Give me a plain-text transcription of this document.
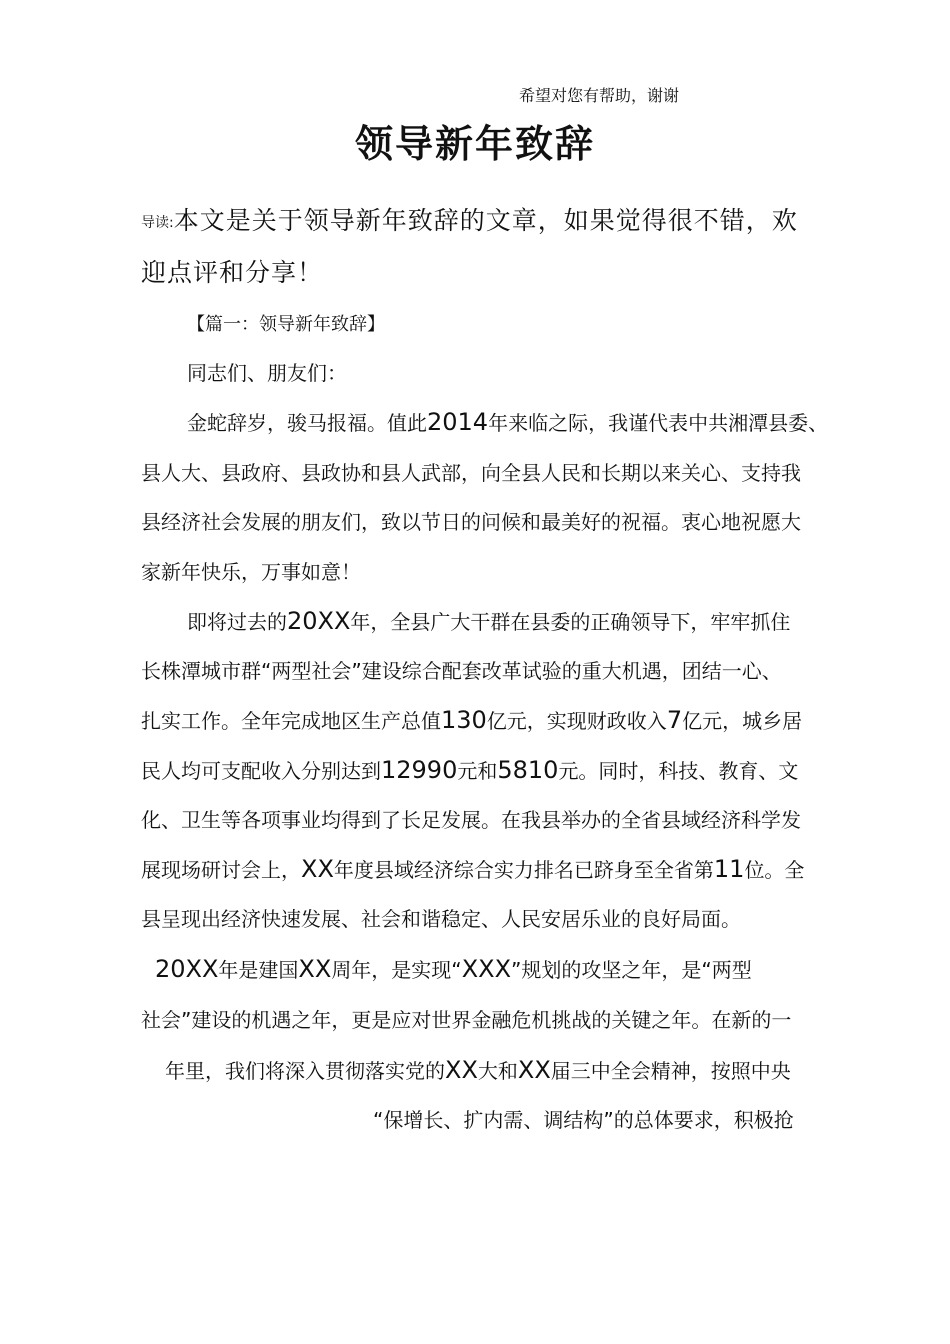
希望对您有帮助，谢谢
领导新年致辞
导读:本文是关于领导新年致辞的文章，如果觉得很不错，欢
迎点评和分享！
【篇一：领导新年致辞】
同志们、朋友们：
金蛇辞岁，骏马报福。值此2014年来临之际，我谨代表中共湘潭县委、
县人大、县政府、县政协和县人武部，向全县人民和长期以来关心、支持我
县经济社会发展的朋友们，致以节日的问候和最美好的祝福。衷心地祝愿大
家新年快乐，万事如意！
即将过去的20XX年，全县广大干群在县委的正确领导下，牢牢抓住
长株潭城市群“两型社会”建设综合配套改革试验的重大机遇，团结一心、
扎实工作。全年完成地区生产总值130亿元，实现财政收入7亿元，城乡居
民人均可支配收入分别达到12990元和5810元。同时，科技、教育、文
化、卫生等各项事业均得到了长足发展。在我县举办的全省县域经济科学发
展现场研讨会上，XX年度县域经济综合实力排名已跻身至全省第11位。全
县呈现出经济快速发展、社会和谐稳定、人民安居乐业的良好局面。
20XX年是建国XX周年，是实现“XXX”规划的攻坚之年，是“两型
社会”建设的机遇之年，更是应对世界金融危机挑战的关键之年。在新的一
年里，我们将深入贯彻落实党的XX大和XX届三中全会精神，按照中央
“保增长、扩内需、调结构”的总体要求，积极抢
